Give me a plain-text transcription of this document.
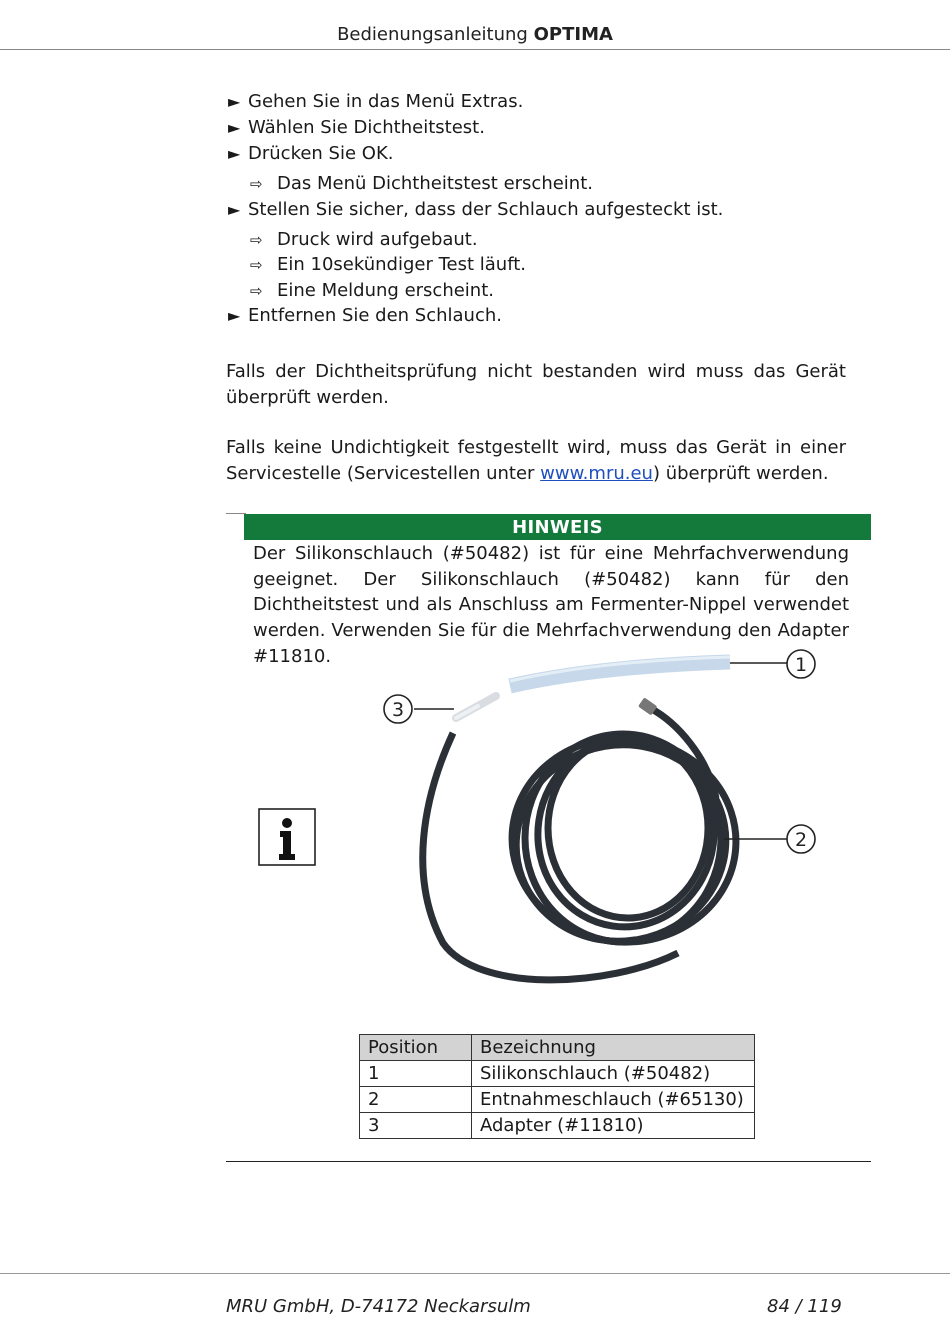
Bedienungsanleitung OPTIMA
► Gehen Sie in das Menü Extras.
► Wählen Sie Dichtheitstest.
► Drücken Sie OK.
⇨ Das Menü Dichtheitstest erscheint.
► Stellen Sie sicher, dass der Schlauch aufgesteckt ist.
⇨ Druck wird aufgebaut.
⇨ Ein 10sekündiger Test läuft.
⇨ Eine Meldung erscheint.
► Entfernen Sie den Schlauch.
Falls der Dichtheitsprüfung nicht bestanden wird muss das Gerät überprüft werden.
Falls keine Undichtigkeit festgestellt wird, muss das Gerät in einer Servicestelle (Servicestellen unter www.mru.eu) überprüft werden.
HINWEIS
Der Silikonschlauch (#50482) ist für eine Mehrfachverwendung geeignet. Der Silikonschlauch (#50482) kann für den Dichtheitstest und als Anschluss am Fermenter-Nippel verwendet werden. Verwenden Sie für die Mehrfachverwendung den Adapter #11810.	1
2
3
Position	Bezeichnung
1	Silikonschlauch (#50482)
2	Entnahmeschlauch (#65130)
3	Adapter (#11810)
MRU GmbH, D-74172 Neckarsulm	84 / 119
